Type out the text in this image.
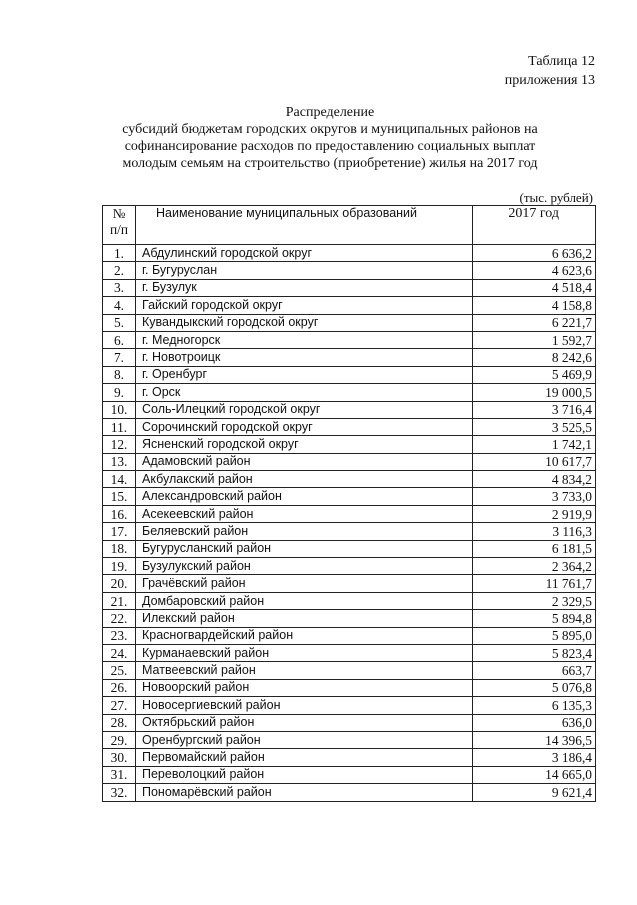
Таблица 12
приложения 13
Распределение
субсидий бюджетам городских округов и муниципальных районов на
софинансирование расходов по предоставлению социальных выплат
молодым семьям на строительство (приобретение) жилья на 2017 год
(тыс. рублей)
№
п/п	Наименование муниципальных образований	2017 год
1.	Абдулинский городской округ	6 636,2
2.	г. Бугуруслан	4 623,6
3.	г. Бузулук	4 518,4
4.	Гайский городской округ	4 158,8
5.	Кувандыкский городской округ	6 221,7
6.	г. Медногорск	1 592,7
7.	г. Новотроицк	8 242,6
8.	г. Оренбург	5 469,9
9.	г. Орск	19 000,5
10.	Соль-Илецкий городской округ	3 716,4
11.	Сорочинский городской округ	3 525,5
12.	Ясненский городской округ	1 742,1
13.	Адамовский район	10 617,7
14.	Акбулакский район	4 834,2
15.	Александровский район	3 733,0
16.	Асекеевский район	2 919,9
17.	Беляевский район	3 116,3
18.	Бугурусланский район	6 181,5
19.	Бузулукский район	2 364,2
20.	Грачёвский район	11 761,7
21.	Домбаровский район	2 329,5
22.	Илекский район	5 894,8
23.	Красногвардейский район	5 895,0
24.	Курманаевский район	5 823,4
25.	Матвеевский район	663,7
26.	Новоорский район	5 076,8
27.	Новосергиевский район	6 135,3
28.	Октябрьский район	636,0
29.	Оренбургский район	14 396,5
30.	Первомайский район	3 186,4
31.	Переволоцкий район	14 665,0
32.	Пономарёвский район	9 621,4
